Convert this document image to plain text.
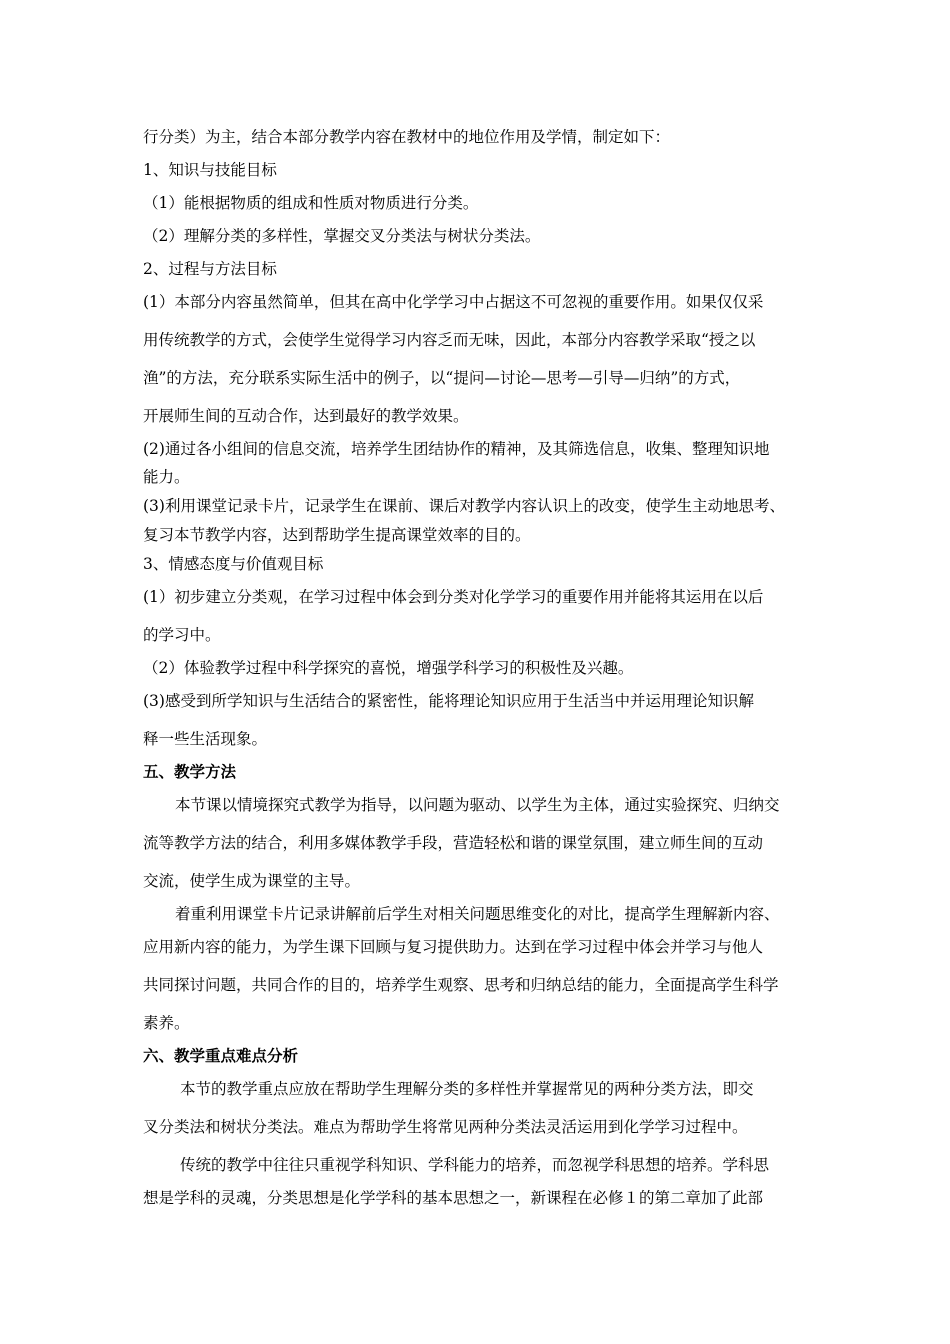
行分类）为主，结合本部分教学内容在教材中的地位作用及学情，制定如下：
1、知识与技能目标
（1）能根据物质的组成和性质对物质进行分类。
（2）理解分类的多样性，掌握交叉分类法与树状分类法。
2、过程与方法目标
(1）本部分内容虽然简单，但其在高中化学学习中占据这不可忽视的重要作用。如果仅仅采
用传统教学的方式，会使学生觉得学习内容乏而无味，因此，本部分内容教学采取“授之以
渔”的方法，充分联系实际生活中的例子，以“提问—讨论—思考—引导—归纳”的方式，
开展师生间的互动合作，达到最好的教学效果。
(2)通过各小组间的信息交流，培养学生团结协作的精神，及其筛选信息，收集、整理知识地
能力。
(3)利用课堂记录卡片，记录学生在课前、课后对教学内容认识上的改变，使学生主动地思考、
复习本节教学内容，达到帮助学生提高课堂效率的目的。
3、情感态度与价值观目标
(1）初步建立分类观，在学习过程中体会到分类对化学学习的重要作用并能将其运用在以后
的学习中。
（2）体验教学过程中科学探究的喜悦，增强学科学习的积极性及兴趣。
(3)感受到所学知识与生活结合的紧密性，能将理论知识应用于生活当中并运用理论知识解
释一些生活现象。
五、教学方法
本节课以情境探究式教学为指导，以问题为驱动、以学生为主体，通过实验探究、归纳交
流等教学方法的结合，利用多媒体教学手段，营造轻松和谐的课堂氛围，建立师生间的互动
交流，使学生成为课堂的主导。
着重利用课堂卡片记录讲解前后学生对相关问题思维变化的对比，提高学生理解新内容、
应用新内容的能力，为学生课下回顾与复习提供助力。达到在学习过程中体会并学习与他人
共同探讨问题，共同合作的目的，培养学生观察、思考和归纳总结的能力，全面提高学生科学
素养。
六、教学重点难点分析
本节的教学重点应放在帮助学生理解分类的多样性并掌握常见的两种分类方法，即交
叉分类法和树状分类法。难点为帮助学生将常见两种分类法灵活运用到化学学习过程中。
传统的教学中往往只重视学科知识、学科能力的培养，而忽视学科思想的培养。学科思
想是学科的灵魂，分类思想是化学学科的基本思想之一，新课程在必修１的第二章加了此部
